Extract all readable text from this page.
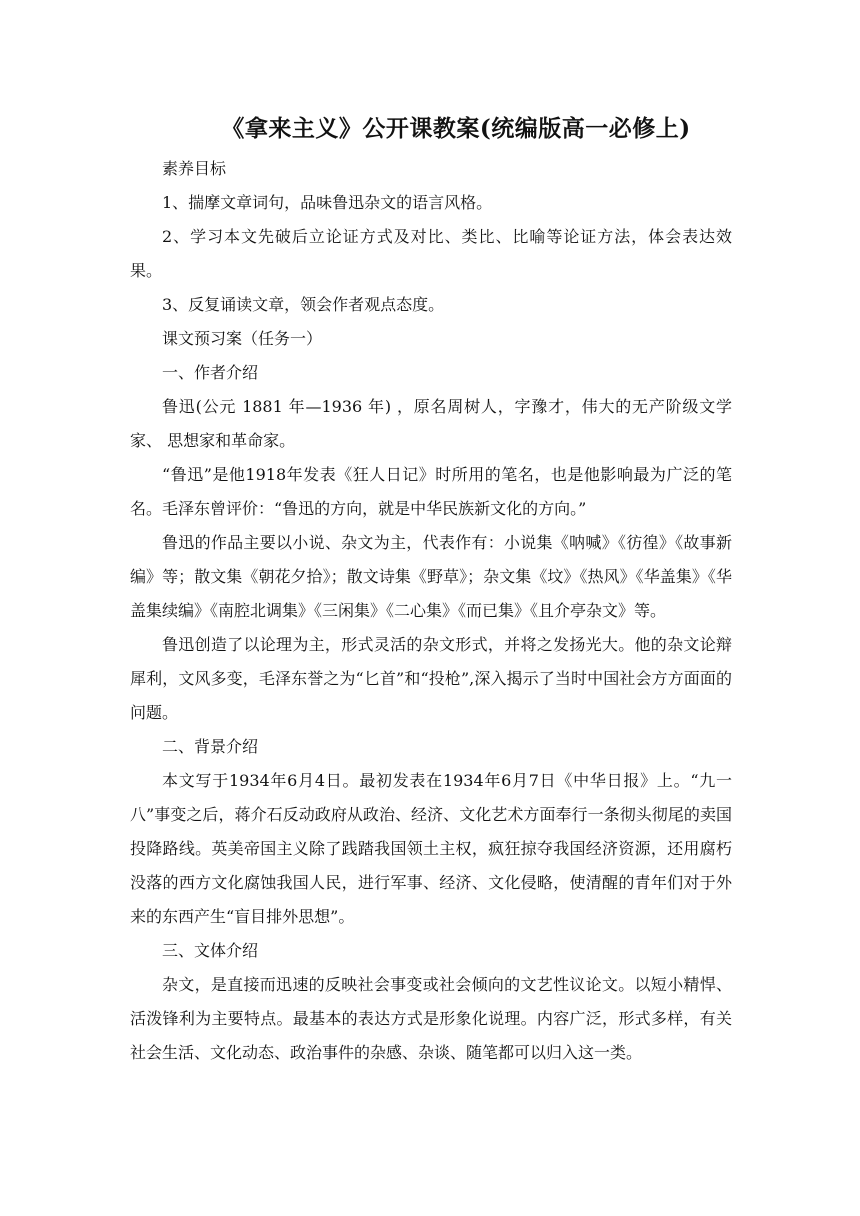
《拿来主义》公开课教案(统编版高一必修上)

素养目标

1、揣摩文章词句，品味鲁迅杂文的语言风格。

2、学习本文先破后立论证方式及对比、类比、比喻等论证方法，体会表达效果。

3、反复诵读文章，领会作者观点态度。

课文预习案（任务一）

一、作者介绍

鲁迅(公元 1881 年—1936 年) ，原名周树人，字豫才，伟大的无产阶级文学家、 思想家和革命家。

“鲁迅”是他1918年发表《狂人日记》时所用的笔名，也是他影响最为广泛的笔名。毛泽东曾评价：“鲁迅的方向，就是中华民族新文化的方向。”

鲁迅的作品主要以小说、杂文为主，代表作有：小说集《呐喊》《彷徨》《故事新编》等；散文集《朝花夕拾》；散文诗集《野草》；杂文集《坟》《热风》《华盖集》《华盖集续编》《南腔北调集》《三闲集》《二心集》《而已集》《且介亭杂文》等。

鲁迅创造了以论理为主，形式灵活的杂文形式，并将之发扬光大。他的杂文论辩犀利，文风多变，毛泽东誉之为“匕首”和“投枪”,深入揭示了当时中国社会方方面面的问题。

二、背景介绍

本文写于1934年6月4日。最初发表在1934年6月7日《中华日报》上。“九一八”事变之后，蒋介石反动政府从政治、经济、文化艺术方面奉行一条彻头彻尾的卖国投降路线。英美帝国主义除了践踏我国领土主权，疯狂掠夺我国经济资源，还用腐朽没落的西方文化腐蚀我国人民，进行军事、经济、文化侵略，使清醒的青年们对于外来的东西产生“盲目排外思想”。

三、文体介绍

杂文，是直接而迅速的反映社会事变或社会倾向的文艺性议论文。以短小精悍、活泼锋利为主要特点。最基本的表达方式是形象化说理。内容广泛，形式多样，有关社会生活、文化动态、政治事件的杂感、杂谈、随笔都可以归入这一类。
